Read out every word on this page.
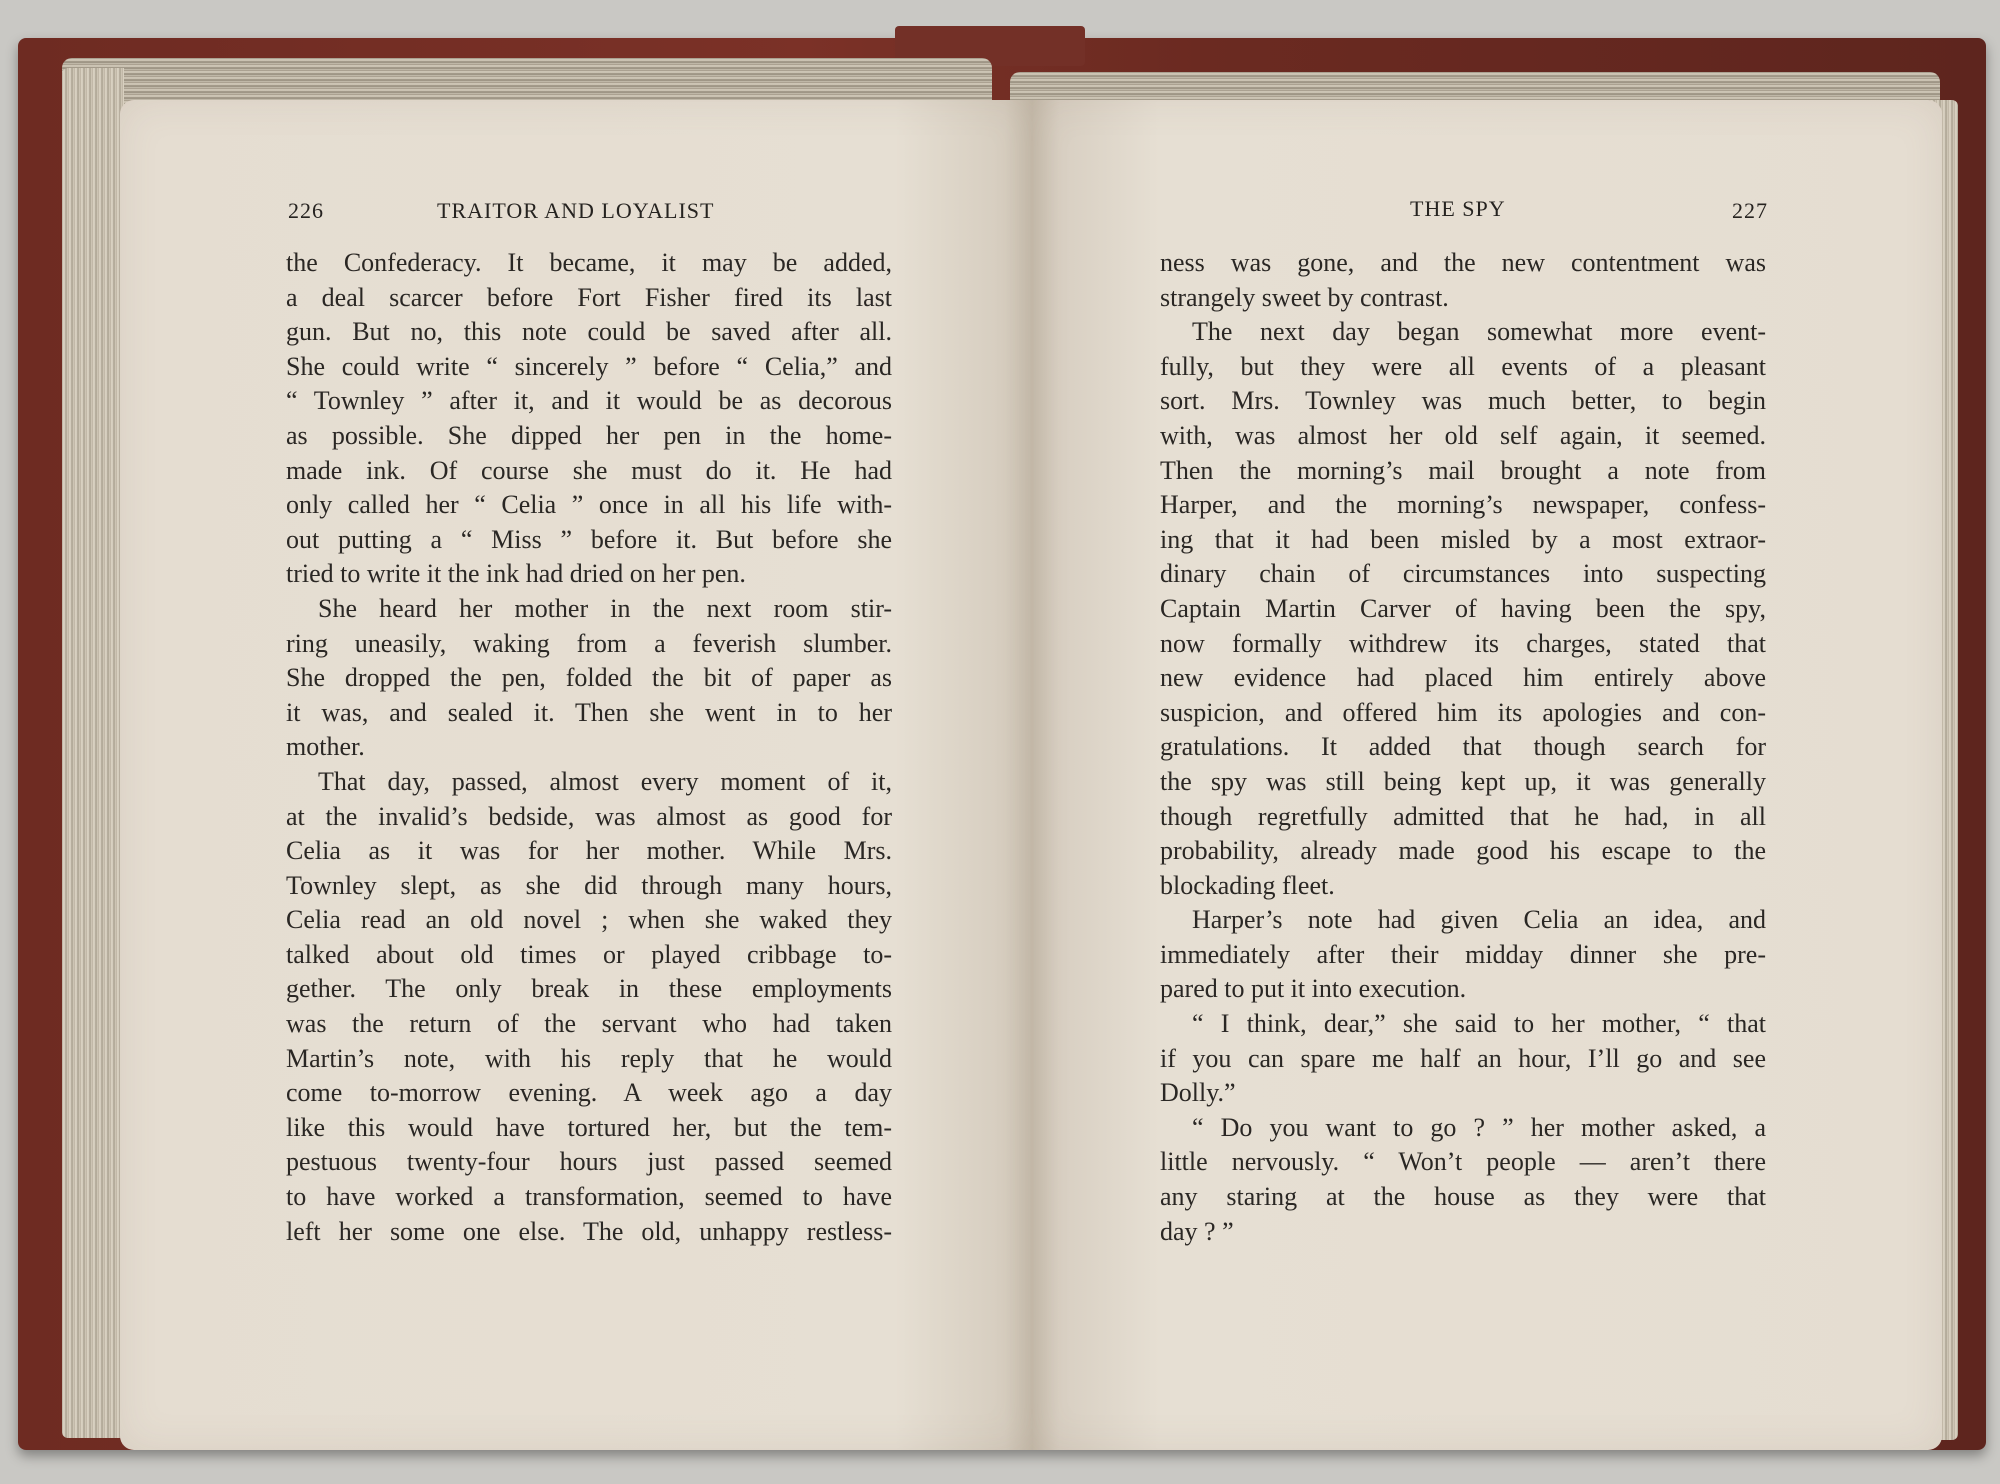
226	TRAITOR AND LOYALIST	THE SPY	227
the Confederacy. It became, it may be added,
a deal scarcer before Fort Fisher fired its last
gun. But no, this note could be saved after all.
She could write “ sincerely ” before “ Celia,” and
“ Townley ” after it, and it would be as decorous
as possible. She dipped her pen in the home-
made ink. Of course she must do it. He had
only called her “ Celia ” once in all his life with-
out putting a “ Miss ” before it. But before she
tried to write it the ink had dried on her pen.
She heard her mother in the next room stir-
ring uneasily, waking from a feverish slumber.
She dropped the pen, folded the bit of paper as
it was, and sealed it. Then she went in to her
mother.
That day, passed, almost every moment of it,
at the invalid’s bedside, was almost as good for
Celia as it was for her mother. While Mrs.
Townley slept, as she did through many hours,
Celia read an old novel ; when she waked they
talked about old times or played cribbage to-
gether. The only break in these employments
was the return of the servant who had taken
Martin’s note, with his reply that he would
come to-morrow evening. A week ago a day
like this would have tortured her, but the tem-
pestuous twenty-four hours just passed seemed
to have worked a transformation, seemed to have
left her some one else. The old, unhappy restless-
ness was gone, and the new contentment was
strangely sweet by contrast.
The next day began somewhat more event-
fully, but they were all events of a pleasant
sort. Mrs. Townley was much better, to begin
with, was almost her old self again, it seemed.
Then the morning’s mail brought a note from
Harper, and the morning’s newspaper, confess-
ing that it had been misled by a most extraor-
dinary chain of circumstances into suspecting
Captain Martin Carver of having been the spy,
now formally withdrew its charges, stated that
new evidence had placed him entirely above
suspicion, and offered him its apologies and con-
gratulations. It added that though search for
the spy was still being kept up, it was generally
though regretfully admitted that he had, in all
probability, already made good his escape to the
blockading fleet.
Harper’s note had given Celia an idea, and
immediately after their midday dinner she pre-
pared to put it into execution.
“ I think, dear,” she said to her mother, “ that
if you can spare me half an hour, I’ll go and see
Dolly.”
“ Do you want to go ? ” her mother asked, a
little nervously. “ Won’t people — aren’t there
any staring at the house as they were that
day ? ”
